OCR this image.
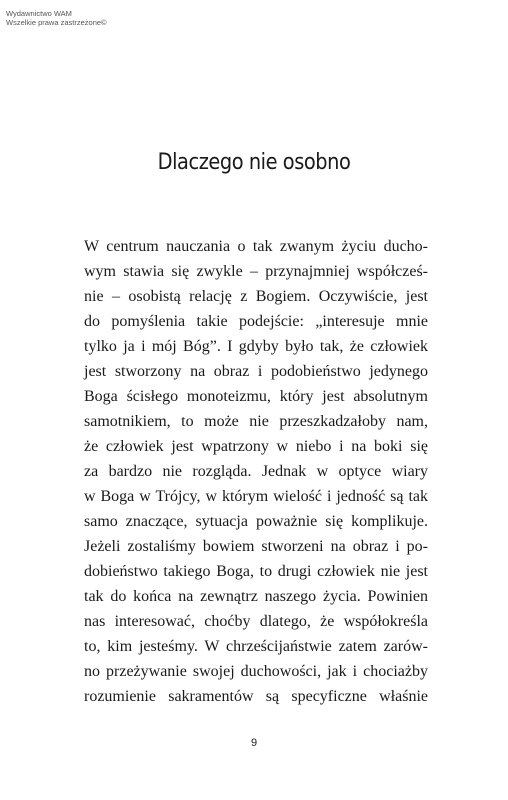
Wydawnictwo WAM
Wszelkie prawa zastrzeżone©
Dlaczego nie osobno
W centrum nauczania o tak zwanym życiu ducho-
wym stawia się zwykle – przynajmniej współcześ-
nie – osobistą relację z Bogiem. Oczywiście, jest
do pomyślenia takie podejście: „interesuje mnie
tylko ja i mój Bóg”. I gdyby było tak, że człowiek
jest stworzony na obraz i podobieństwo jedynego
Boga ścisłego monoteizmu, który jest absolutnym
samotnikiem, to może nie przeszkadzałoby nam,
że człowiek jest wpatrzony w niebo i na boki się
za bardzo nie rozgląda. Jednak w optyce wiary
w Boga w Trójcy, w którym wielość i jedność są tak
samo znaczące, sytuacja poważnie się komplikuje.
Jeżeli zostaliśmy bowiem stworzeni na obraz i po-
dobieństwo takiego Boga, to drugi człowiek nie jest
tak do końca na zewnątrz naszego życia. Powinien
nas interesować, choćby dlatego, że współokreśla
to, kim jesteśmy. W chrześcijaństwie zatem zarów-
no przeżywanie swojej duchowości, jak i chociażby
rozumienie sakramentów są specyficzne właśnie
9
